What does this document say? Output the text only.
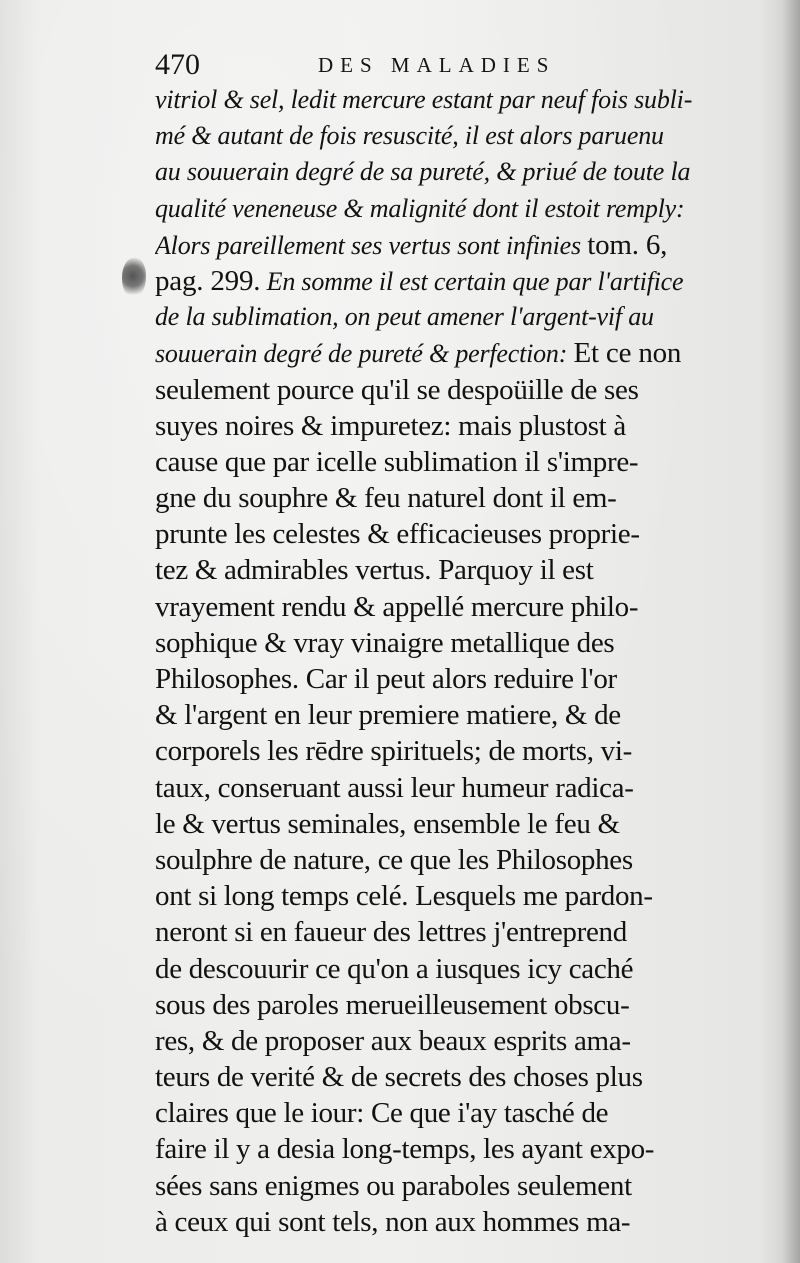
470	DES MALADIES
vitriol & sel, ledit mercure estant par neuf fois subli-
mé & autant de fois resuscité, il est alors paruenu
au souuerain degré de sa pureté, & priué de toute la
qualité veneneuse & malignité dont il estoit remply:
Alors pareillement ses vertus sont infinies tom. 6,
pag. 299. En somme il est certain que par l'artifice
de la sublimation, on peut amener l'argent-vif au
souuerain degré de pureté & perfection: Et ce non
seulement pource qu'il se despoüille de ses
suyes noires & impuretez: mais plustost à
cause que par icelle sublimation il s'impre-
gne du souphre & feu naturel dont il em-
prunte les celestes & efficacieuses proprie-
tez & admirables vertus. Parquoy il est
vrayement rendu & appellé mercure philo-
sophique & vray vinaigre metallique des
Philosophes. Car il peut alors reduire l'or
& l'argent en leur premiere matiere, & de
corporels les rēdre spirituels; de morts, vi-
taux, conseruant aussi leur humeur radica-
le & vertus seminales, ensemble le feu &
soulphre de nature, ce que les Philosophes
ont si long temps celé. Lesquels me pardon-
neront si en faueur des lettres j'entreprend
de descouurir ce qu'on a iusques icy caché
sous des paroles merueilleusement obscu-
res, & de proposer aux beaux esprits ama-
teurs de verité & de secrets des choses plus
claires que le iour: Ce que i'ay tasché de
faire il y a desia long-temps, les ayant expo-
sées sans enigmes ou paraboles seulement
à ceux qui sont tels, non aux hommes ma-
